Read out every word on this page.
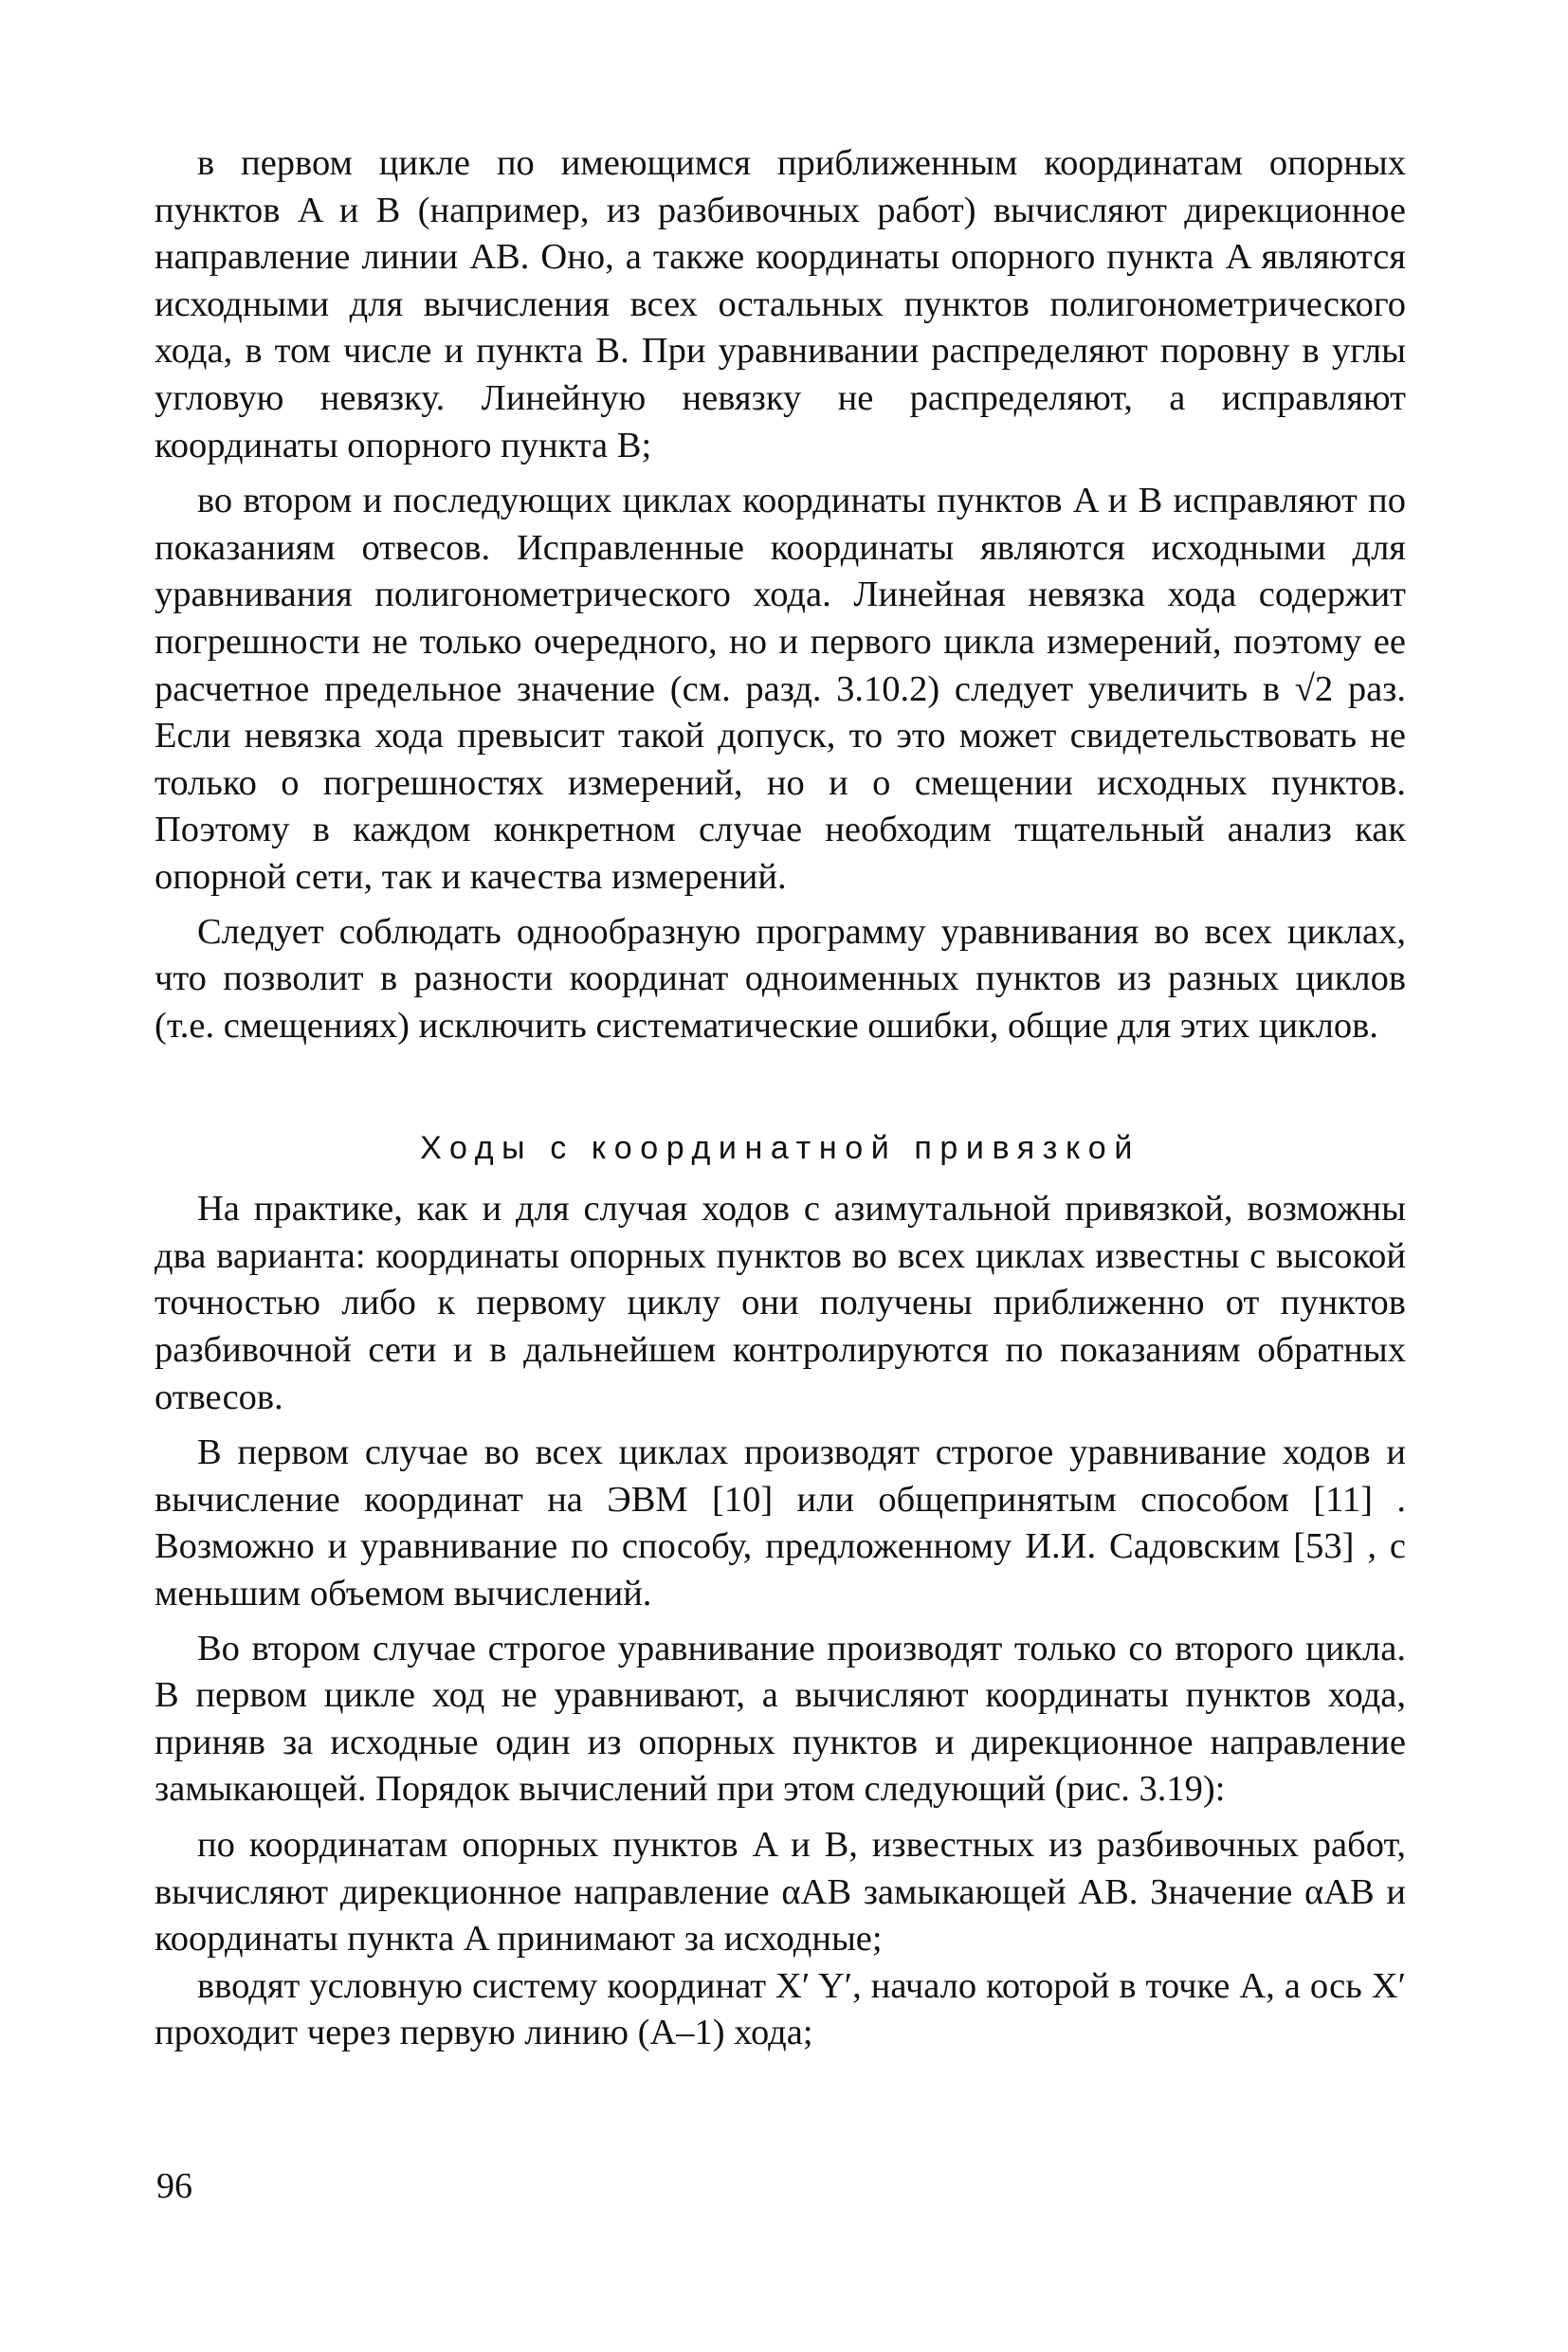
в первом цикле по имеющимся приближенным координатам опорных пунктов A и B (например, из разбивочных работ) вычисляют дирекционное направление линии AB. Оно, а также координаты опорного пункта A являются исходными для вычисления всех остальных пунктов полигонометрического хода, в том числе и пункта B. При уравнивании распределяют поровну в углы угловую невязку. Линейную невязку не распределяют, а исправляют координаты опорного пункта B;

во втором и последующих циклах координаты пунктов A и B исправляют по показаниям отвесов. Исправленные координаты являются исходными для уравнивания полигонометрического хода. Линейная невязка хода содержит погрешности не только очередного, но и первого цикла измерений, поэтому ее расчетное предельное значение (см. разд. 3.10.2) следует увеличить в √2 раз. Если невязка хода превысит такой допуск, то это может свидетельствовать не только о погрешностях измерений, но и о смещении исходных пунктов. Поэтому в каждом конкретном случае необходим тщательный анализ как опорной сети, так и качества измерений.

Следует соблюдать однообразную программу уравнивания во всех циклах, что позволит в разности координат одноименных пунктов из разных циклов (т.е. смещениях) исключить систематические ошибки, общие для этих циклов.

Ходы с координатной привязкой

На практике, как и для случая ходов с азимутальной привязкой, возможны два варианта: координаты опорных пунктов во всех циклах известны с высокой точностью либо к первому циклу они получены приближенно от пунктов разбивочной сети и в дальнейшем контролируются по показаниям обратных отвесов.

В первом случае во всех циклах производят строгое уравнивание ходов и вычисление координат на ЭВМ [10] или общепринятым способом [11] . Возможно и уравнивание по способу, предложенному И.И. Садовским [53] , с меньшим объемом вычислений.

Во втором случае строгое уравнивание производят только со второго цикла. В первом цикле ход не уравнивают, а вычисляют координаты пунктов хода, приняв за исходные один из опорных пунктов и дирекционное направление замыкающей. Порядок вычислений при этом следующий (рис. 3.19):

по координатам опорных пунктов A и B, известных из разбивочных работ, вычисляют дирекционное направление αAB замыкающей AB. Значение αAB и координаты пункта A принимают за исходные;

вводят условную систему координат X′ Y′, начало которой в точке A, а ось X′ проходит через первую линию (A–1) хода;

96
